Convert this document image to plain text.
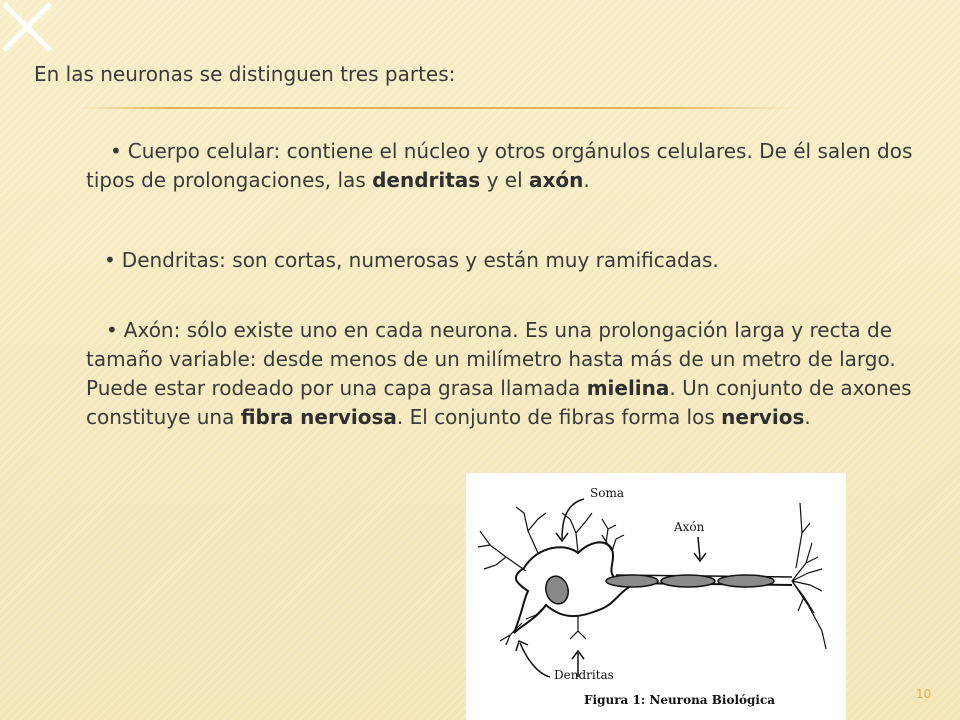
En las neuronas se distinguen tres partes:
• Cuerpo celular: contiene el núcleo y otros orgánulos celulares. De él salen dos tipos de prolongaciones, las dendritas y el axón.
• Dendritas: son cortas, numerosas y están muy ramificadas.
• Axón: sólo existe uno en cada neurona. Es una prolongación larga y recta de tamaño variable: desde menos de un milímetro hasta más de un metro de largo. Puede estar rodeado por una capa grasa llamada mielina. Un conjunto de axones constituye una fibra nerviosa. El conjunto de fibras forma los nervios.
Soma
Axón
Dendritas
Figura 1: Neurona Biológica	10
